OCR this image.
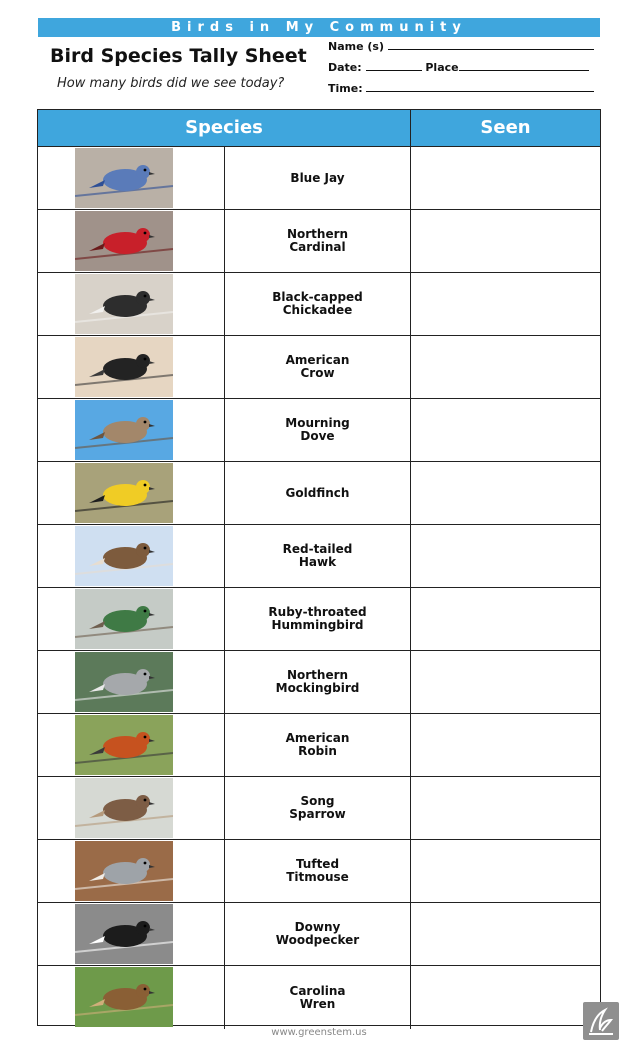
Birds in My Community
Bird Species Tally Sheet
How many birds did we see today?
Name (s)
Date:	Place
Time:
Species	Seen
Blue Jay
Northern
Cardinal
Black-capped
Chickadee
American
Crow
Mourning
Dove
Goldfinch
Red-tailed
Hawk
Ruby-throated
Hummingbird
Northern
Mockingbird
American
Robin
Song
Sparrow
Tufted
Titmouse
Downy
Woodpecker
Carolina
Wren
www.greenstem.us
